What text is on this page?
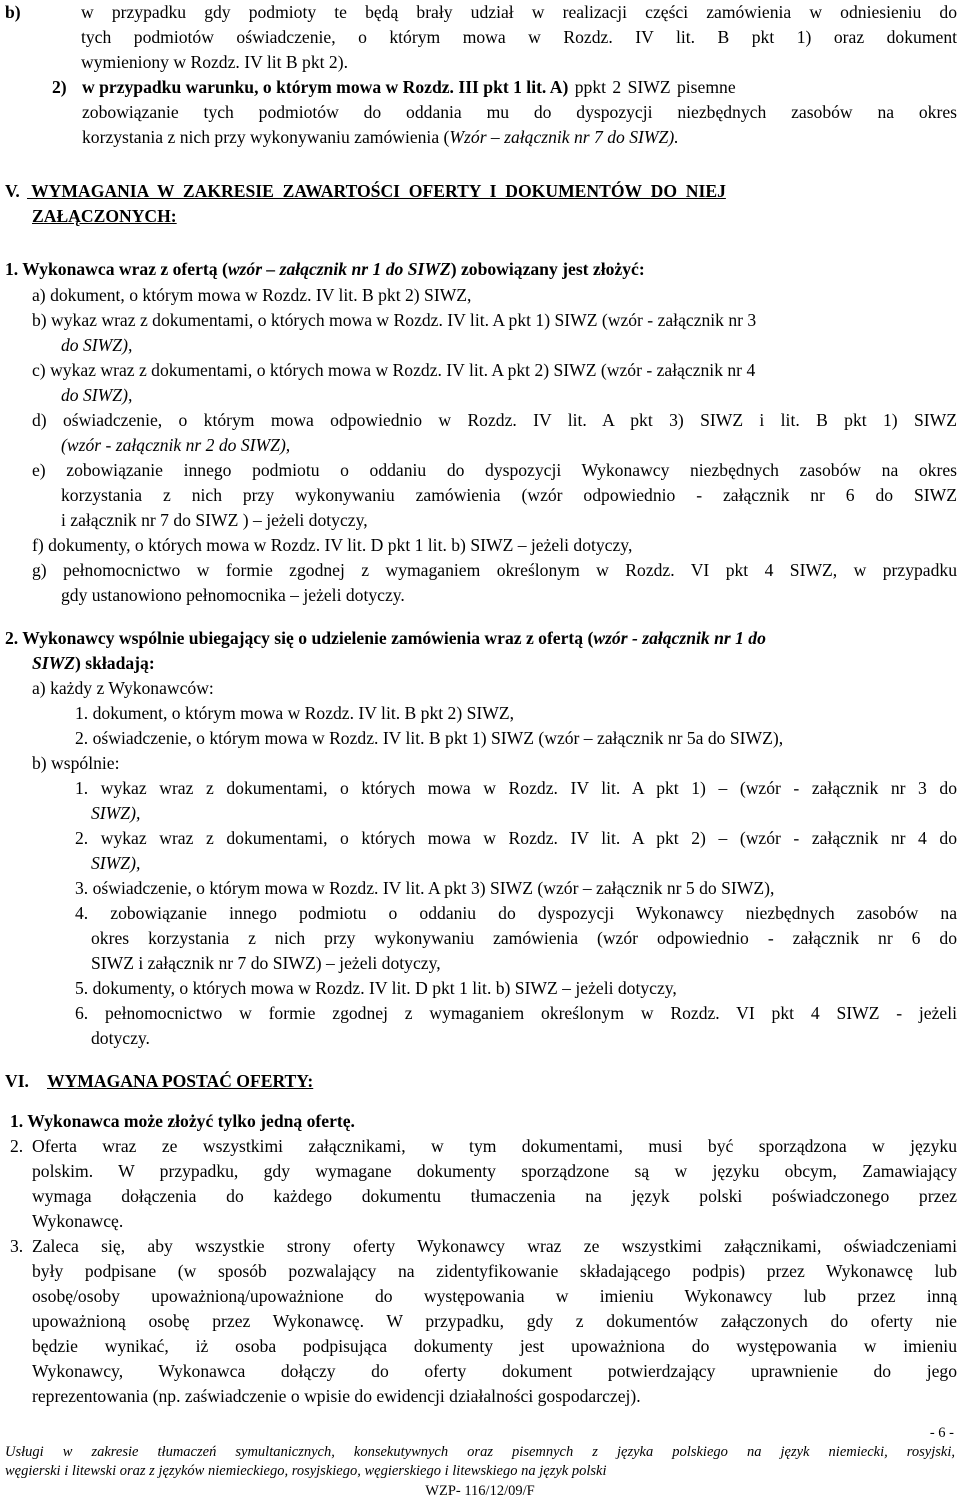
b)	w przypadku gdy podmioty te będą brały udział w realizacji części zamówienia w odniesieniu do
tych podmiotów oświadczenie, o którym mowa w Rozdz. IV lit. B pkt 1) oraz dokument
wymieniony w Rozdz. IV lit B pkt 2).
2) w przypadku warunku, o którym mowa w Rozdz. III pkt 1 lit. A) ppkt 2 SIWZ pisemne
zobowiązanie tych podmiotów do oddania mu do dyspozycji niezbędnych zasobów na okres
korzystania z nich przy wykonywaniu zamówienia (Wzór – załącznik nr 7 do SIWZ).
V. WYMAGANIA  W  ZAKRESIE  ZAWARTOŚCI  OFERTY  I  DOKUMENTÓW  DO  NIEJ
ZAŁĄCZONYCH:
1. Wykonawca wraz z ofertą (wzór – załącznik nr 1 do SIWZ) zobowiązany jest złożyć:
a) dokument, o którym mowa w Rozdz. IV lit. B pkt 2) SIWZ,
b) wykaz wraz z dokumentami, o których mowa w Rozdz. IV lit. A pkt 1) SIWZ (wzór - załącznik nr 3
do SIWZ),
c) wykaz wraz z dokumentami, o których mowa w Rozdz. IV lit. A pkt 2) SIWZ (wzór - załącznik nr 4
do SIWZ),
d) oświadczenie, o którym mowa odpowiednio w Rozdz. IV lit. A pkt 3) SIWZ i lit. B pkt 1) SIWZ
(wzór - załącznik nr 2 do SIWZ),
e) zobowiązanie innego podmiotu o oddaniu do dyspozycji Wykonawcy niezbędnych zasobów na okres
korzystania z nich przy wykonywaniu zamówienia (wzór odpowiednio - załącznik nr 6 do SIWZ
i załącznik nr 7 do SIWZ ) – jeżeli dotyczy,
f) dokumenty, o których mowa w Rozdz. IV lit. D pkt 1 lit. b) SIWZ – jeżeli dotyczy,
g) pełnomocnictwo w formie zgodnej z wymaganiem określonym w Rozdz. VI pkt 4 SIWZ, w przypadku
gdy ustanowiono pełnomocnika – jeżeli dotyczy.
2. Wykonawcy wspólnie ubiegający się o udzielenie zamówienia wraz z ofertą (wzór - załącznik nr 1 do
SIWZ) składają:
a) każdy z Wykonawców:
1. dokument, o którym mowa w Rozdz. IV lit. B pkt 2) SIWZ,
2. oświadczenie, o którym mowa w Rozdz. IV lit. B pkt 1) SIWZ (wzór – załącznik nr 5a do SIWZ),
b) wspólnie:
1. wykaz wraz z dokumentami, o których mowa w Rozdz. IV lit. A pkt 1) – (wzór - załącznik nr 3 do
SIWZ),
2. wykaz wraz z dokumentami, o których mowa w Rozdz. IV lit. A pkt 2) – (wzór - załącznik nr 4 do
SIWZ),
3. oświadczenie, o którym mowa w Rozdz. IV lit. A pkt 3) SIWZ (wzór – załącznik nr 5 do SIWZ),
4. zobowiązanie innego podmiotu o oddaniu do dyspozycji Wykonawcy niezbędnych zasobów na
okres korzystania z nich przy wykonywaniu zamówienia (wzór odpowiednio - załącznik nr 6 do
SIWZ i załącznik nr 7 do SIWZ) – jeżeli dotyczy,
5. dokumenty, o których mowa w Rozdz. IV lit. D pkt 1 lit. b) SIWZ – jeżeli dotyczy,
6. pełnomocnictwo w formie zgodnej z wymaganiem określonym w Rozdz. VI pkt 4 SIWZ - jeżeli
dotyczy.
VI. WYMAGANA POSTAĆ OFERTY:
1. Wykonawca może złożyć tylko jedną ofertę.
2. Oferta wraz ze wszystkimi załącznikami, w tym dokumentami, musi być sporządzona w języku
polskim. W przypadku, gdy wymagane dokumenty sporządzone są w języku obcym, Zamawiający
wymaga dołączenia do każdego dokumentu tłumaczenia na język polski poświadczonego przez
Wykonawcę.
3. Zaleca się, aby wszystkie strony oferty Wykonawcy wraz ze wszystkimi załącznikami, oświadczeniami
były podpisane (w sposób pozwalający na zidentyfikowanie składającego podpis) przez Wykonawcę lub
osobę/osoby upoważnioną/upoważnione do występowania w imieniu Wykonawcy lub przez inną
upoważnioną osobę przez Wykonawcę. W przypadku, gdy z dokumentów załączonych do oferty nie
będzie wynikać, iż osoba podpisująca dokumenty jest upoważniona do występowania w imieniu
Wykonawcy, Wykonawca dołączy do oferty dokument potwierdzający uprawnienie do jego
reprezentowania (np. zaświadczenie o wpisie do ewidencji działalności gospodarczej).
- 6 -
Usługi w zakresie tłumaczeń symultanicznych, konsekutywnych oraz pisemnych z języka polskiego na język niemiecki, rosyjski,
węgierski i litewski oraz z języków niemieckiego, rosyjskiego, węgierskiego i litewskiego na język polski
WZP- 116/12/09/F
